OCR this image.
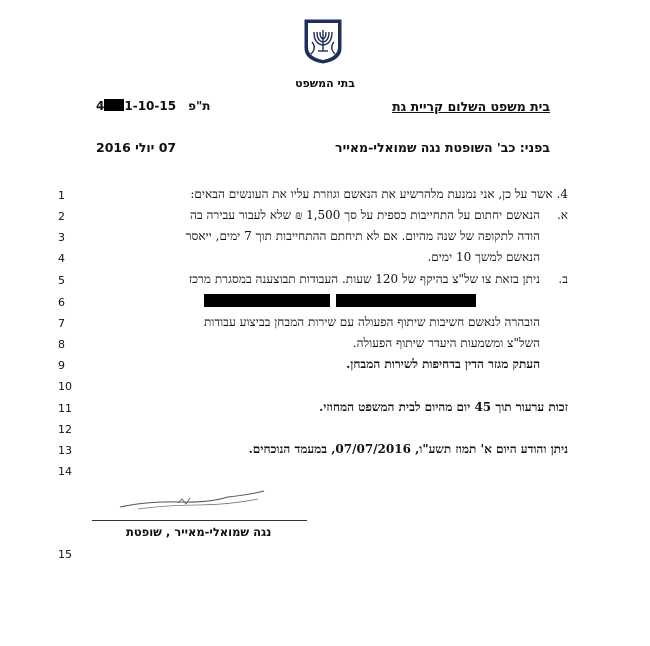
בתי המשפט
בית משפט השלום קריית גת
4 1-10-15 ת"פ
בפני: כב' השופטת נגה שמואלי-מאייר
07 יולי 2016
1
2
3
4
5
6
7
8
9
10
11
12
13
14
15
4. אשר על כן, אני נמנעת מלהרשיע את הנאשם וגוזרת עליו את העונשים הבאים:
א.
הנאשם יחתום על התחייבות כספית על סך 1,500 ₪ שלא לעבור עבירה בה
הודה לתקופה של שנה מהיום. אם לא תיחתם ההתחייבות תוך 7 ימים, ייאסר
הנאשם למשך 10 ימים.
ב.
ניתן בזאת צו של"צ בהיקף של 120 שעות. העבודות תבוצענה במסגרת מרכז
הובהרה לנאשם חשיבות שיתוף הפעולה עם שירות המבחן בביצוע עבודות
השל"צ ומשמעות היעדר שיתוף הפעולה.
העתק מגזר הדין בדחיפות לשירות המבחן.
זכות ערעור תוך 45 יום מהיום לבית המשפט המחוזי.
ניתן והודע היום א' תמוז תשע"ו, 07/07/2016, במעמד הנוכחים.
נגה שמואלי-מאייר , שופטת
